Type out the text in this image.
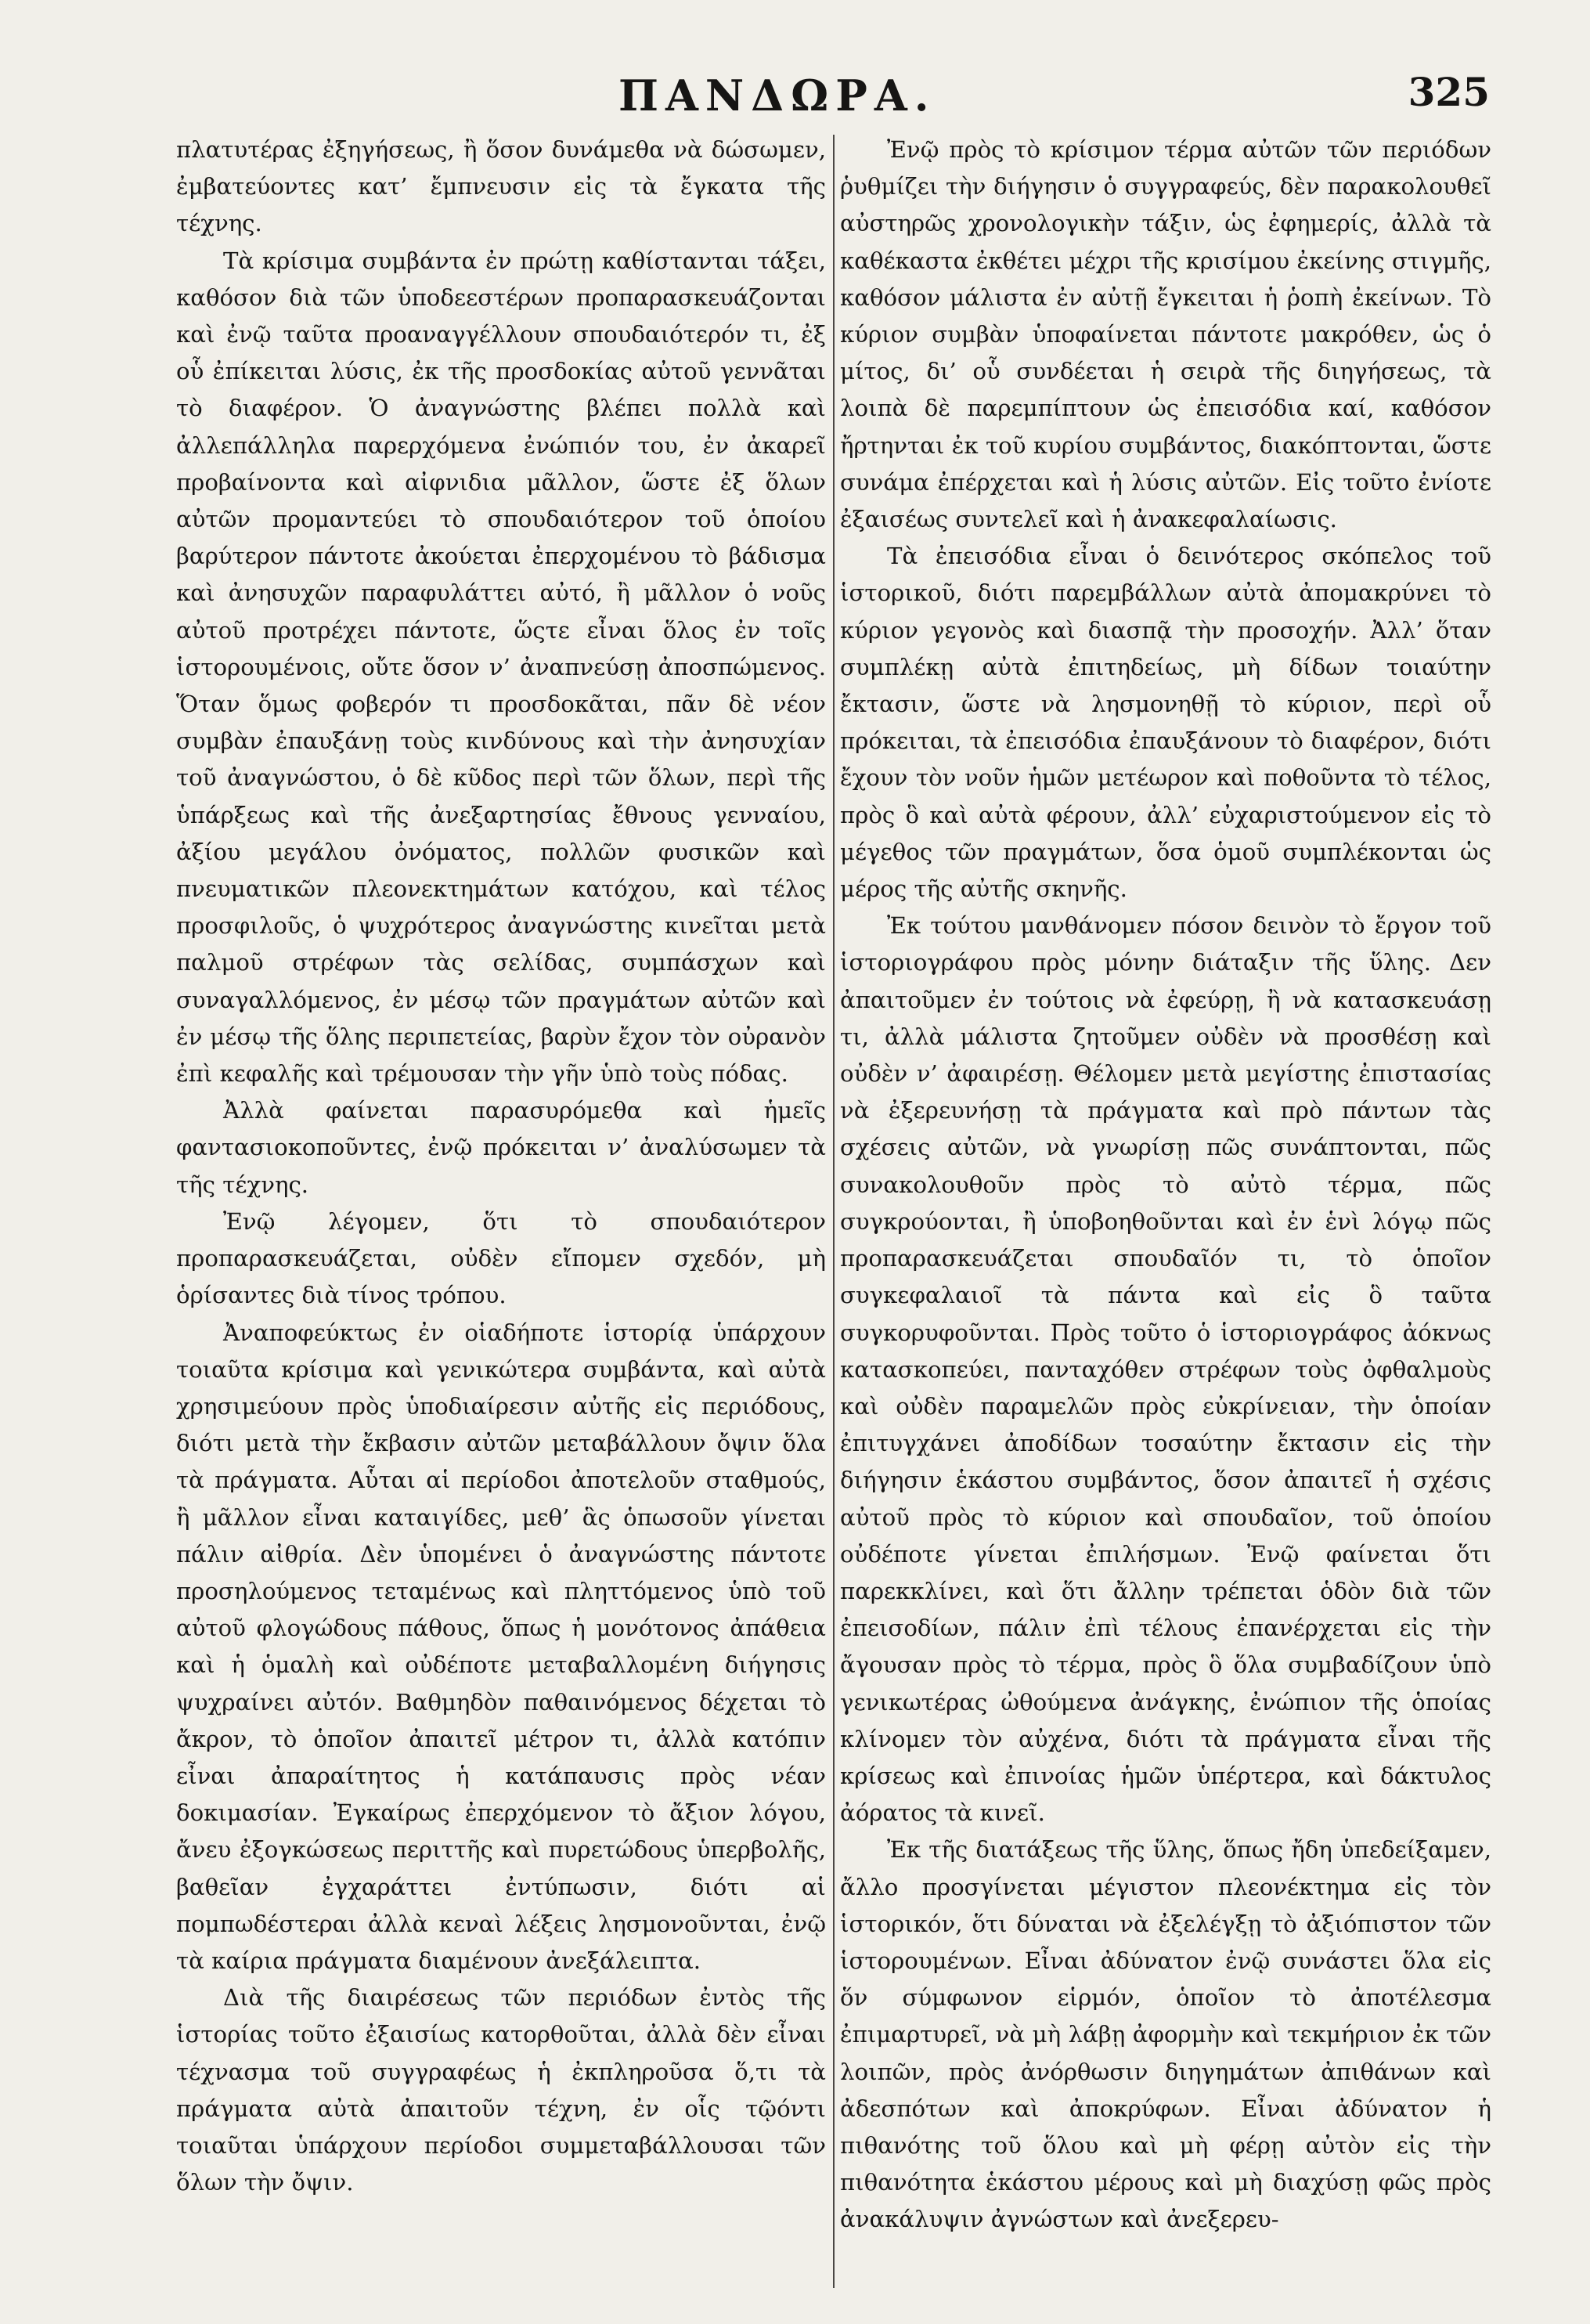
ΠΑΝΔΩΡΑ.	325

πλατυτέρας ἐξηγήσεως, ἢ ὅσον δυνάμεθα νὰ δώσωμεν, ἐμβατεύοντες κατ’ ἔμπνευσιν εἰς τὰ ἔγκατα τῆς τέχνης.

Τὰ κρίσιμα συμβάντα ἐν πρώτῃ καθίστανται τάξει, καθόσον διὰ τῶν ὑποδεεστέρων προπαρασκευάζονται καὶ ἐνῷ ταῦτα προαναγγέλλουν σπουδαιότερόν τι, ἐξ οὗ ἐπίκειται λύσις, ἐκ τῆς προσδοκίας αὐτοῦ γεννᾶται τὸ διαφέρον. Ὁ ἀναγνώστης βλέπει πολλὰ καὶ ἀλλεπάλληλα παρερχόμενα ἐνώπιόν του, ἐν ἀκαρεῖ προβαίνοντα καὶ αἰφνιδια μᾶλλον, ὥστε ἐξ ὅλων αὐτῶν προμαντεύει τὸ σπουδαιότερον τοῦ ὁποίου βαρύτερον πάντοτε ἀκούεται ἐπερχομένου τὸ βάδισμα καὶ ἀνησυχῶν παραφυλάττει αὐτό, ἢ μᾶλλον ὁ νοῦς αὐτοῦ προτρέχει πάντοτε, ὥςτε εἶναι ὅλος ἐν τοῖς ἱστορουμένοις, οὔτε ὅσον ν’ ἀναπνεύσῃ ἀποσπώμενος. Ὅταν ὅμως φοβερόν τι προσδοκᾶται, πᾶν δὲ νέον συμβὰν ἐπαυξάνῃ τοὺς κινδύνους καὶ τὴν ἀνησυχίαν τοῦ ἀναγνώστου, ὁ δὲ κῦδος περὶ τῶν ὅλων, περὶ τῆς ὑπάρξεως καὶ τῆς ἀνεξαρτησίας ἔθνους γενναίου, ἀξίου μεγάλου ὀνόματος, πολλῶν φυσικῶν καὶ πνευματικῶν πλεονεκτημάτων κατόχου, καὶ τέλος προσφιλοῦς, ὁ ψυχρότερος ἀναγνώστης κινεῖται μετὰ παλμοῦ στρέφων τὰς σελίδας, συμπάσχων καὶ συναγαλλόμενος, ἐν μέσῳ τῶν πραγμάτων αὐτῶν καὶ ἐν μέσῳ τῆς ὅλης περιπετείας, βαρὺν ἔχον τὸν οὐρανὸν ἐπὶ κεφαλῆς καὶ τρέμουσαν τὴν γῆν ὑπὸ τοὺς πόδας.

Ἀλλὰ φαίνεται παρασυρόμεθα καὶ ἡμεῖς φαντασιοκοποῦντες, ἐνῷ πρόκειται ν’ ἀναλύσωμεν τὰ τῆς τέχνης.

Ἐνῷ λέγομεν, ὅτι τὸ σπουδαιότερον προπαρασκευάζεται, οὐδὲν εἴπομεν σχεδόν, μὴ ὁρίσαντες διὰ τίνος τρόπου.

Ἀναποφεύκτως ἐν οἱαδήποτε ἱστορίᾳ ὑπάρχουν τοιαῦτα κρίσιμα καὶ γενικώτερα συμβάντα, καὶ αὐτὰ χρησιμεύουν πρὸς ὑποδιαίρεσιν αὐτῆς εἰς περιόδους, διότι μετὰ τὴν ἔκβασιν αὐτῶν μεταβάλλουν ὄψιν ὅλα τὰ πράγματα. Αὗται αἱ περίοδοι ἀποτελοῦν σταθμούς, ἢ μᾶλλον εἶναι καταιγίδες, μεθ’ ἃς ὁπωσοῦν γίνεται πάλιν αἰθρία. Δὲν ὑπομένει ὁ ἀναγνώστης πάντοτε προσηλούμενος τεταμένως καὶ πληττόμενος ὑπὸ τοῦ αὐτοῦ φλογώδους πάθους, ὅπως ἡ μονότονος ἀπάθεια καὶ ἡ ὁμαλὴ καὶ οὐδέποτε μεταβαλλομένη διήγησις ψυχραίνει αὐτόν. Βαθμηδὸν παθαινόμενος δέχεται τὸ ἄκρον, τὸ ὁποῖον ἀπαιτεῖ μέτρον τι, ἀλλὰ κατόπιν εἶναι ἀπαραίτητος ἡ κατάπαυσις πρὸς νέαν δοκιμασίαν. Ἐγκαίρως ἐπερχόμενον τὸ ἄξιον λόγου, ἄνευ ἐξογκώσεως περιττῆς καὶ πυρετώδους ὑπερβολῆς, βαθεῖαν ἐγχαράττει ἐντύπωσιν, διότι αἱ πομπωδέστεραι ἀλλὰ κεναὶ λέξεις λησμονοῦνται, ἐνῷ τὰ καίρια πράγματα διαμένουν ἀνεξάλειπτα.

Διὰ τῆς διαιρέσεως τῶν περιόδων ἐντὸς τῆς ἱστορίας τοῦτο ἐξαισίως κατορθοῦται, ἀλλὰ δὲν εἶναι τέχνασμα τοῦ συγγραφέως ἡ ἐκπληροῦσα ὅ,τι τὰ πράγματα αὐτὰ ἀπαιτοῦν τέχνη, ἐν οἷς τῷόντι τοιαῦται ὑπάρχουν περίοδοι συμμεταβάλλουσαι τῶν ὅλων τὴν ὄψιν.

Ἐνῷ πρὸς τὸ κρίσιμον τέρμα αὐτῶν τῶν περιόδων ῥυθμίζει τὴν διήγησιν ὁ συγγραφεύς, δὲν παρακολουθεῖ αὐστηρῶς χρονολογικὴν τάξιν, ὡς ἐφημερίς, ἀλλὰ τὰ καθέκαστα ἐκθέτει μέχρι τῆς κρισίμου ἐκείνης στιγμῆς, καθόσον μάλιστα ἐν αὐτῇ ἔγκειται ἡ ῥοπὴ ἐκείνων. Τὸ κύριον συμβὰν ὑποφαίνεται πάντοτε μακρόθεν, ὡς ὁ μίτος, δι’ οὗ συνδέεται ἡ σειρὰ τῆς διηγήσεως, τὰ λοιπὰ δὲ παρεμπίπτουν ὡς ἐπεισόδια καί, καθόσον ἤρτηνται ἐκ τοῦ κυρίου συμβάντος, διακόπτονται, ὥστε συνάμα ἐπέρχεται καὶ ἡ λύσις αὐτῶν. Εἰς τοῦτο ἐνίοτε ἐξαισέως συντελεῖ καὶ ἡ ἀνακεφαλαίωσις.

Τὰ ἐπεισόδια εἶναι ὁ δεινότερος σκόπελος τοῦ ἱστορικοῦ, διότι παρεμβάλλων αὐτὰ ἀπομακρύνει τὸ κύριον γεγονὸς καὶ διασπᾷ τὴν προσοχήν. Ἀλλ’ ὅταν συμπλέκῃ αὐτὰ ἐπιτηδείως, μὴ δίδων τοιαύτην ἔκτασιν, ὥστε νὰ λησμονηθῇ τὸ κύριον, περὶ οὗ πρόκειται, τὰ ἐπεισόδια ἐπαυξάνουν τὸ διαφέρον, διότι ἔχουν τὸν νοῦν ἡμῶν μετέωρον καὶ ποθοῦντα τὸ τέλος, πρὸς ὃ καὶ αὐτὰ φέρουν, ἀλλ’ εὐχαριστούμενον εἰς τὸ μέγεθος τῶν πραγμάτων, ὅσα ὁμοῦ συμπλέκονται ὡς μέρος τῆς αὐτῆς σκηνῆς.

Ἐκ τούτου μανθάνομεν πόσον δεινὸν τὸ ἔργον τοῦ ἱστοριογράφου πρὸς μόνην διάταξιν τῆς ὕλης. Δεν ἀπαιτοῦμεν ἐν τούτοις νὰ ἐφεύρῃ, ἢ νὰ κατασκευάσῃ τι, ἀλλὰ μάλιστα ζητοῦμεν οὐδὲν νὰ προσθέσῃ καὶ οὐδὲν ν’ ἀφαιρέσῃ. Θέλομεν μετὰ μεγίστης ἐπιστασίας νὰ ἐξερευνήσῃ τὰ πράγματα καὶ πρὸ πάντων τὰς σχέσεις αὐτῶν, νὰ γνωρίσῃ πῶς συνάπτονται, πῶς συνακολουθοῦν πρὸς τὸ αὐτὸ τέρμα, πῶς συγκρούονται, ἢ ὑποβοηθοῦνται καὶ ἐν ἑνὶ λόγῳ πῶς προπαρασκευάζεται σπουδαῖόν τι, τὸ ὁποῖον συγκεφαλαιοῖ τὰ πάντα καὶ εἰς ὃ ταῦτα συγκορυφοῦνται. Πρὸς τοῦτο ὁ ἱστοριογράφος ἀόκνως κατασκοπεύει, πανταχόθεν στρέφων τοὺς ὀφθαλμοὺς καὶ οὐδὲν παραμελῶν πρὸς εὐκρίνειαν, τὴν ὁποίαν ἐπιτυγχάνει ἀποδίδων τοσαύτην ἔκτασιν εἰς τὴν διήγησιν ἑκάστου συμβάντος, ὅσον ἀπαιτεῖ ἡ σχέσις αὐτοῦ πρὸς τὸ κύριον καὶ σπουδαῖον, τοῦ ὁποίου οὐδέποτε γίνεται ἐπιλήσμων. Ἐνῷ φαίνεται ὅτι παρεκκλίνει, καὶ ὅτι ἄλλην τρέπεται ὁδὸν διὰ τῶν ἐπεισοδίων, πάλιν ἐπὶ τέλους ἐπανέρχεται εἰς τὴν ἄγουσαν πρὸς τὸ τέρμα, πρὸς ὃ ὅλα συμβαδίζουν ὑπὸ γενικωτέρας ὠθούμενα ἀνάγκης, ἐνώπιον τῆς ὁποίας κλίνομεν τὸν αὐχένα, διότι τὰ πράγματα εἶναι τῆς κρίσεως καὶ ἐπινοίας ἡμῶν ὑπέρτερα, καὶ δάκτυλος ἀόρατος τὰ κινεῖ.

Ἐκ τῆς διατάξεως τῆς ὕλης, ὅπως ἤδη ὑπεδείξαμεν, ἄλλο προσγίνεται μέγιστον πλεονέκτημα εἰς τὸν ἱστορικόν, ὅτι δύναται νὰ ἐξελέγξῃ τὸ ἀξιόπιστον τῶν ἱστορουμένων. Εἶναι ἀδύνατον ἐνῷ συνάστει ὅλα εἰς ὅν σύμφωνον εἱρμόν, ὁποῖον τὸ ἀποτέλεσμα ἐπιμαρτυρεῖ, νὰ μὴ λάβῃ ἀφορμὴν καὶ τεκμήριον ἐκ τῶν λοιπῶν, πρὸς ἀνόρθωσιν διηγημάτων ἀπιθάνων καὶ ἀδεσπότων καὶ ἀποκρύφων. Εἶναι ἀδύνατον ἡ πιθανότης τοῦ ὅλου καὶ μὴ φέρῃ αὐτὸν εἰς τὴν πιθανότητα ἑκάστου μέρους καὶ μὴ διαχύσῃ φῶς πρὸς ἀνακάλυψιν ἀγνώστων καὶ ἀνεξερευ-
